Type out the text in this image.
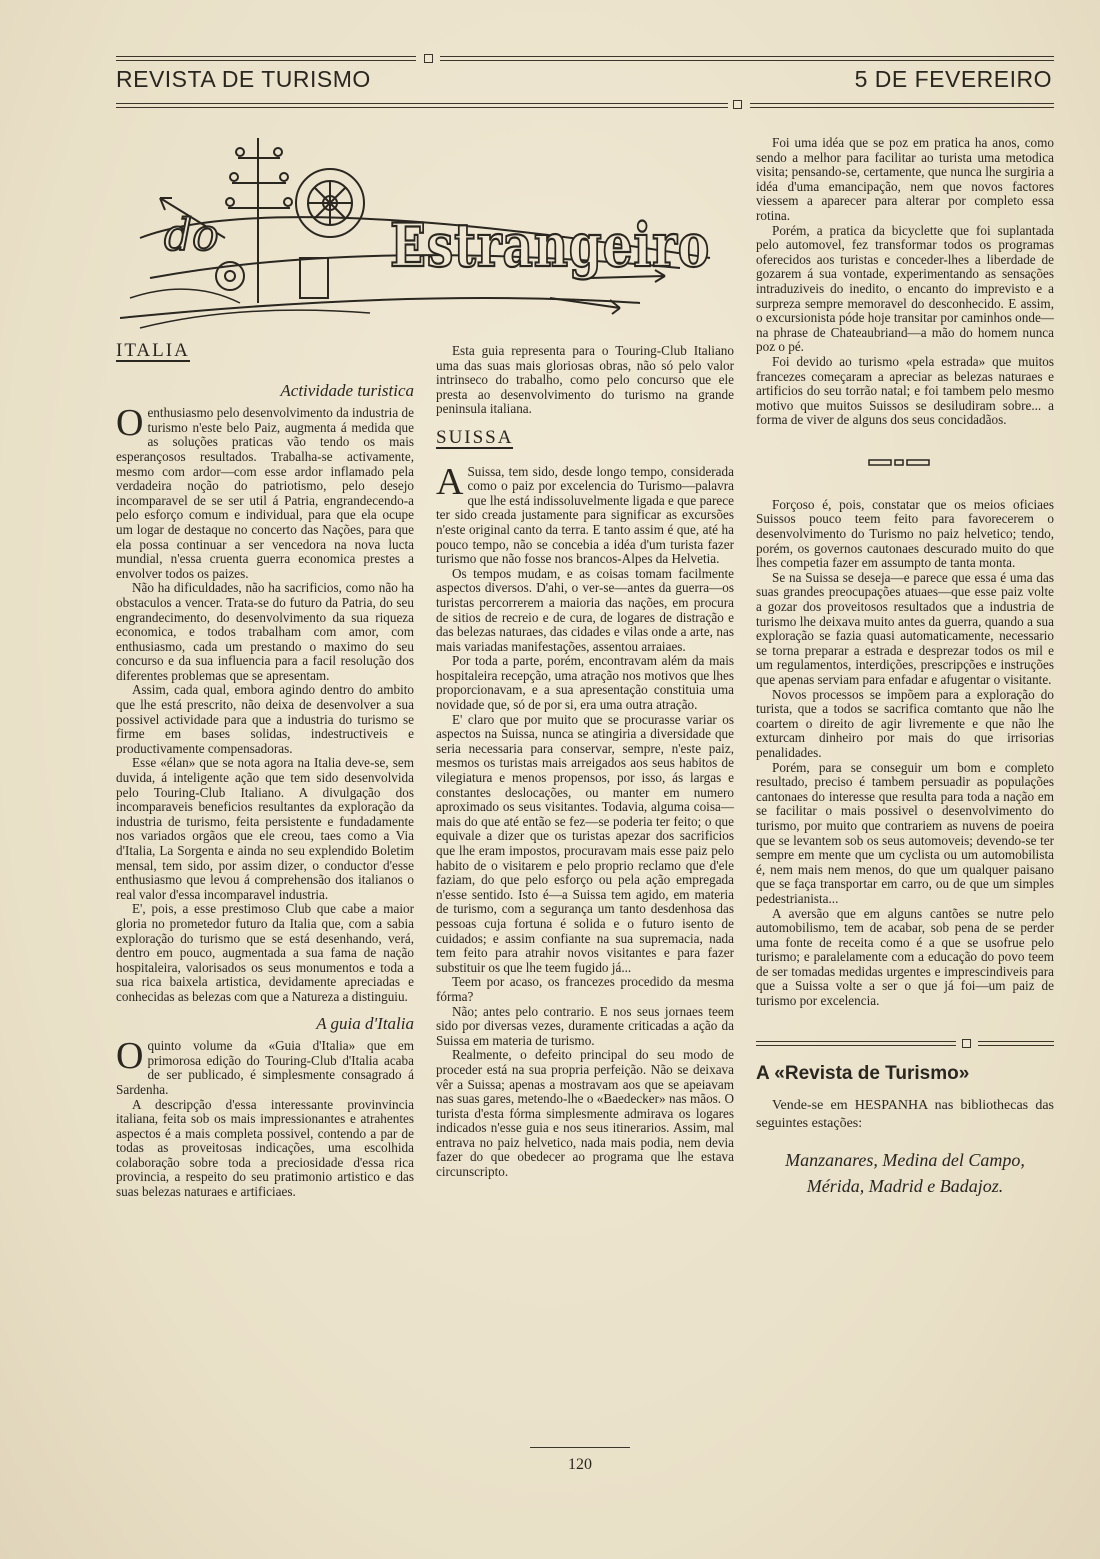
REVISTA DE TURISMO	5 DE FEVEREIRO
do	Estrangeiro
ITALIA
Actividade turistica

Oenthusiasmo pelo desenvolvimento da industria de turismo n'este belo Paiz, augmenta á medida que as soluções praticas vão tendo os mais esperançosos resultados. Trabalha-se activamente, mesmo com ardor—com esse ardor inflamado pela verdadeira noção do patriotismo, pelo desejo incomparavel de se ser util á Patria, engrandecendo-a pelo esforço comum e individual, para que ela ocupe um logar de destaque no concerto das Nações, para que ela possa continuar a ser vencedora na nova lucta mundial, n'essa cruenta guerra economica prestes a envolver todos os paizes.

Não ha dificuldades, não ha sacrificios, como não ha obstaculos a vencer. Trata-se do futuro da Patria, do seu engrandecimento, do desenvolvimento da sua riqueza economica, e todos trabalham com amor, com enthusiasmo, cada um prestando o maximo do seu concurso e da sua influencia para a facil resolução dos diferentes problemas que se apresentam.

Assim, cada qual, embora agindo dentro do ambito que lhe está prescrito, não deixa de desenvolver a sua possivel actividade para que a industria do turismo se firme em bases solidas, indestructiveis e productivamente compensadoras.

Esse «élan» que se nota agora na Italia deve-se, sem duvida, á inteligente ação que tem sido desenvolvida pelo Touring-Club Italiano. A divulgação dos incomparaveis beneficios resultantes da exploração da industria de turismo, feita persistente e fundadamente nos variados orgãos que ele creou, taes como a Via d'Italia, La Sorgenta e ainda no seu explendido Boletim mensal, tem sido, por assim dizer, o conductor d'esse enthusiasmo que levou á comprehensão dos italianos o real valor d'essa incomparavel industria.

E', pois, a esse prestimoso Club que cabe a maior gloria no prometedor futuro da Italia que, com a sabia exploração do turismo que se está desenhando, verá, dentro em pouco, augmentada a sua fama de nação hospitaleira, valorisados os seus monumentos e toda a sua rica baixela artistica, devidamente apreciadas e conhecidas as belezas com que a Natureza a distinguiu.

A guia d'Italia

Oquinto volume da «Guia d'Italia» que em primorosa edição do Touring-Club d'Italia acaba de ser publicado, é simplesmente consagrado á Sardenha.

A descripção d'essa interessante provinvincia italiana, feita sob os mais impressionantes e atrahentes aspectos é a mais completa possivel, contendo a par de todas as proveitosas indicações, uma escolhida colaboração sobre toda a preciosidade d'essa rica provincia, a respeito do seu pratimonio artistico e das suas belezas naturaes e artificiaes.

Esta guia representa para o Touring-Club Italiano uma das suas mais gloriosas obras, não só pelo valor intrinseco do trabalho, como pelo concurso que ele presta ao desenvolvimento do turismo na grande peninsula italiana.

SUISSA

A Suissa, tem sido, desde longo tempo, considerada como o paiz por excelencia do Turismo—palavra que lhe está indissoluvelmente ligada e que parece ter sido creada justamente para significar as excursões n'este original canto da terra. E tanto assim é que, até ha pouco tempo, não se concebia a idéa d'um turista fazer turismo que não fosse nos brancos-Alpes da Helvetia.

Os tempos mudam, e as coisas tomam facilmente aspectos diversos. D'ahi, o ver-se—antes da guerra—os turistas percorrerem a maioria das nações, em procura de sitios de recreio e de cura, de logares de distração e das belezas naturaes, das cidades e vilas onde a arte, nas mais variadas manifestações, assentou arraiaes.

Por toda a parte, porém, encontravam além da mais hospitaleira recepção, uma atração nos motivos que lhes proporcionavam, e a sua apresentação constituia uma novidade que, só de por si, era uma outra atração.

E' claro que por muito que se procurasse variar os aspectos na Suissa, nunca se atingiria a diversidade que seria necessaria para conservar, sempre, n'este paiz, mesmos os turistas mais arreigados aos seus habitos de vilegiatura e menos propensos, por isso, ás largas e constantes deslocações, ou manter em numero aproximado os seus visitantes. Todavia, alguma coisa—mais do que até então se fez—se poderia ter feito; o que equivale a dizer que os turistas apezar dos sacrificios que lhe eram impostos, procuravam mais esse paiz pelo habito de o visitarem e pelo proprio reclamo que d'ele faziam, do que pelo esforço ou pela ação empregada n'esse sentido. Isto é—a Suissa tem agido, em materia de turismo, com a segurança um tanto desdenhosa das pessoas cuja fortuna é solida e o futuro isento de cuidados; e assim confiante na sua supremacia, nada tem feito para atrahir novos visitantes e para fazer substituir os que lhe teem fugido já...

Teem por acaso, os francezes procedido da mesma fórma?

Não; antes pelo contrario. E nos seus jornaes teem sido por diversas vezes, duramente criticadas a ação da Suissa em materia de turismo.

Realmente, o defeito principal do seu modo de proceder está na sua propria perfeição. Não se deixava vêr a Suissa; apenas a mostravam aos que se apeiavam nas suas gares, metendo-lhe o «Baedecker» nas mãos. O turista d'esta fórma simplesmente admirava os logares indicados n'esse guia e nos seus itinerarios. Assim, mal entrava no paiz helvetico, nada mais podia, nem devia fazer do que obedecer ao programa que lhe estava circunscripto.

Foi uma idéa que se poz em pratica ha anos, como sendo a melhor para facilitar ao turista uma metodica visita; pensando-se, certamente, que nunca lhe surgiria a idéa d'uma emancipação, nem que novos factores viessem a aparecer para alterar por completo essa rotina.

Porém, a pratica da bicyclette que foi suplantada pelo automovel, fez transformar todos os programas oferecidos aos turistas e conceder-lhes a liberdade de gozarem á sua vontade, experimentando as sensações intraduziveis do inedito, o encanto do imprevisto e a surpreza sempre memoravel do desconhecido. E assim, o excursionista póde hoje transitar por caminhos onde—na phrase de Chateaubriand—a mão do homem nunca poz o pé.

Foi devido ao turismo «pela estrada» que muitos francezes começaram a apreciar as belezas naturaes e artificios do seu torrão natal; e foi tambem pelo mesmo motivo que muitos Suissos se desiludiram sobre... a forma de viver de alguns dos seus concidadãos.

Forçoso é, pois, constatar que os meios oficiaes Suissos pouco teem feito para favorecerem o desenvolvimento do Turismo no paiz helvetico; tendo, porém, os governos cautonaes descurado muito do que lhes competia fazer em assumpto de tanta monta.

Se na Suissa se deseja—e parece que essa é uma das suas grandes preocupações atuaes—que esse paiz volte a gozar dos proveitosos resultados que a industria de turismo lhe deixava muito antes da guerra, quando a sua exploração se fazia quasi automaticamente, necessario se torna preparar a estrada e desprezar todos os mil e um regulamentos, interdições, prescripções e instruções que apenas serviam para enfadar e afugentar o visitante.

Novos processos se impõem para a exploração do turista, que a todos se sacrifica comtanto que não lhe coartem o direito de agir livremente e que não lhe exturcam dinheiro por mais do que irrisorias penalidades.

Porém, para se conseguir um bom e completo resultado, preciso é tambem persuadir as populações cantonaes do interesse que resulta para toda a nação em se facilitar o mais possivel o desenvolvimento do turismo, por muito que contrariem as nuvens de poeira que se levantem sob os seus automoveis; devendo-se ter sempre em mente que um cyclista ou um automobilista é, nem mais nem menos, do que um qualquer paisano que se faça transportar em carro, ou de que um simples pedestrianista...

A aversão que em alguns cantões se nutre pelo automobilismo, tem de acabar, sob pena de se perder uma fonte de receita como é a que se usofrue pelo turismo; e paralelamente com a educação do povo teem de ser tomadas medidas urgentes e imprescindiveis para que a Suissa volte a ser o que já foi—um paiz de turismo por excelencia.

A «Revista de Turismo»

Vende-se em HESPANHA nas bibliothecas das seguintes estações:

Manzanares, Medina del Campo,
Mérida, Madrid e Badajoz.
120
